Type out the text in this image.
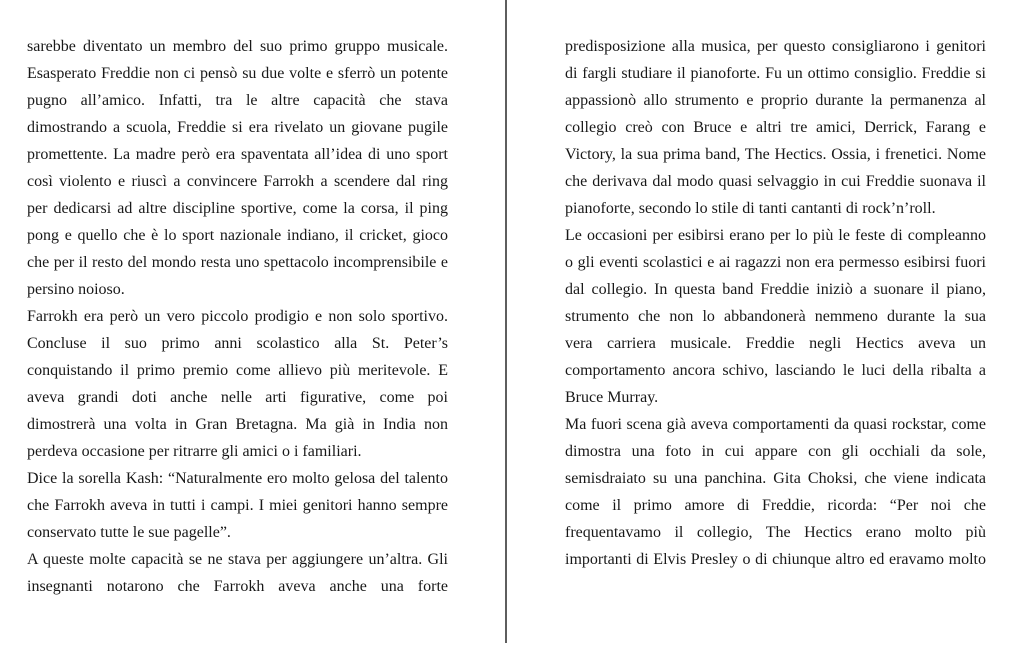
sarebbe diventato un membro del suo primo gruppo musicale.
Esasperato Freddie non ci pensò su due volte e sferrò un potente
pugno all’amico. Infatti, tra le altre capacità che stava
dimostrando a scuola, Freddie si era rivelato un giovane pugile
promettente. La madre però era spaventata all’idea di uno sport
così violento e riuscì a convincere Farrokh a scendere dal ring
per dedicarsi ad altre discipline sportive, come la corsa, il ping
pong e quello che è lo sport nazionale indiano, il cricket, gioco
che per il resto del mondo resta uno spettacolo incomprensibile e
persino noioso.
Farrokh era però un vero piccolo prodigio e non solo sportivo.
Concluse il suo primo anni scolastico alla St. Peter’s
conquistando il primo premio come allievo più meritevole. E
aveva grandi doti anche nelle arti figurative, come poi
dimostrerà una volta in Gran Bretagna. Ma già in India non
perdeva occasione per ritrarre gli amici o i familiari.
Dice la sorella Kash: “Naturalmente ero molto gelosa del talento
che Farrokh aveva in tutti i campi. I miei genitori hanno sempre
conservato tutte le sue pagelle”.
A queste molte capacità se ne stava per aggiungere un’altra. Gli
insegnanti notarono che Farrokh aveva anche una forte
predisposizione alla musica, per questo consigliarono i genitori
di fargli studiare il pianoforte. Fu un ottimo consiglio. Freddie si
appassionò allo strumento e proprio durante la permanenza al
collegio creò con Bruce e altri tre amici, Derrick, Farang e
Victory, la sua prima band, The Hectics. Ossia, i frenetici. Nome
che derivava dal modo quasi selvaggio in cui Freddie suonava il
pianoforte, secondo lo stile di tanti cantanti di rock’n’roll.
Le occasioni per esibirsi erano per lo più le feste di compleanno
o gli eventi scolastici e ai ragazzi non era permesso esibirsi fuori
dal collegio. In questa band Freddie iniziò a suonare il piano,
strumento che non lo abbandonerà nemmeno durante la sua
vera carriera musicale. Freddie negli Hectics aveva un
comportamento ancora schivo, lasciando le luci della ribalta a
Bruce Murray.
Ma fuori scena già aveva comportamenti da quasi rockstar, come
dimostra una foto in cui appare con gli occhiali da sole,
semisdraiato su una panchina. Gita Choksi, che viene indicata
come il primo amore di Freddie, ricorda: “Per noi che
frequentavamo il collegio, The Hectics erano molto più
importanti di Elvis Presley o di chiunque altro ed eravamo molto
